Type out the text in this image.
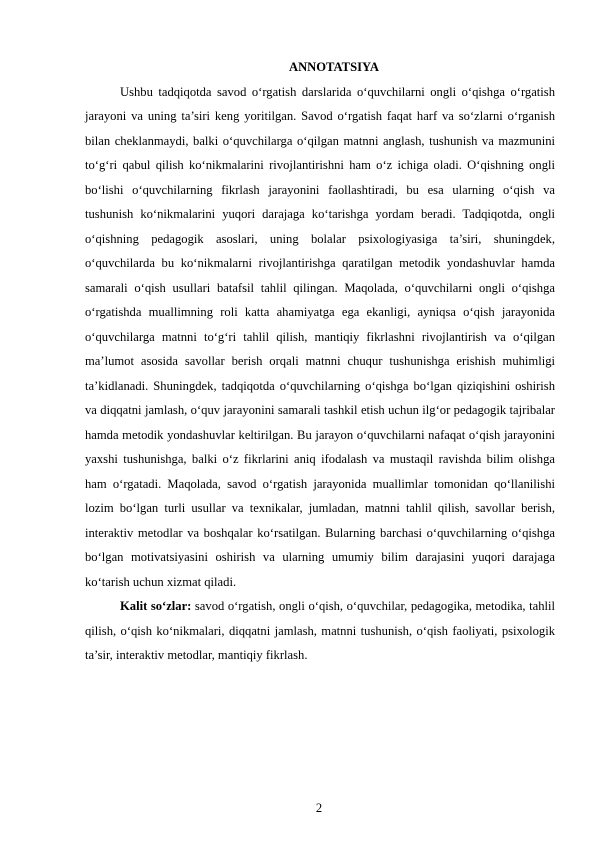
ANNOTATSIYA

Ushbu tadqiqotda savod o‘rgatish darslarida o‘quvchilarni ongli o‘qishga o‘rgatish jarayoni va uning ta’siri keng yoritilgan. Savod o‘rgatish faqat harf va so‘zlarni o‘rganish bilan cheklanmaydi, balki o‘quvchilarga o‘qilgan matnni anglash, tushunish va mazmunini to‘g‘ri qabul qilish ko‘nikmalarini rivojlantirishni ham o‘z ichiga oladi. O‘qishning ongli bo‘lishi o‘quvchilarning fikrlash jarayonini faollashtiradi, bu esa ularning o‘qish va tushunish ko‘nikmalarini yuqori darajaga ko‘tarishga yordam beradi. Tadqiqotda, ongli o‘qishning pedagogik asoslari, uning bolalar psixologiyasiga ta’siri, shuningdek, o‘quvchilarda bu ko‘nikmalarni rivojlantirishga qaratilgan metodik yondashuvlar hamda samarali o‘qish usullari batafsil tahlil qilingan. Maqolada, o‘quvchilarni ongli o‘qishga o‘rgatishda muallimning roli katta ahamiyatga ega ekanligi, ayniqsa o‘qish jarayonida o‘quvchilarga matnni to‘g‘ri tahlil qilish, mantiqiy fikrlashni rivojlantirish va o‘qilgan ma’lumot asosida savollar berish orqali matnni chuqur tushunishga erishish muhimligi ta’kidlanadi. Shuningdek, tadqiqotda o‘quvchilarning o‘qishga bo‘lgan qiziqishini oshirish va diqqatni jamlash, o‘quv jarayonini samarali tashkil etish uchun ilg‘or pedagogik tajribalar hamda metodik yondashuvlar keltirilgan. Bu jarayon o‘quvchilarni nafaqat o‘qish jarayonini yaxshi tushunishga, balki o‘z fikrlarini aniq ifodalash va mustaqil ravishda bilim olishga ham o‘rgatadi. Maqolada, savod o‘rgatish jarayonida muallimlar tomonidan qo‘llanilishi lozim bo‘lgan turli usullar va texnikalar, jumladan, matnni tahlil qilish, savollar berish, interaktiv metodlar va boshqalar ko‘rsatilgan. Bularning barchasi o‘quvchilarning o‘qishga bo‘lgan motivatsiyasini oshirish va ularning umumiy bilim darajasini yuqori darajaga ko‘tarish uchun xizmat qiladi.

Kalit so‘zlar: savod o‘rgatish, ongli o‘qish, o‘quvchilar, pedagogika, metodika, tahlil qilish, o‘qish ko‘nikmalari, diqqatni jamlash, matnni tushunish, o‘qish faoliyati, psixologik ta’sir, interaktiv metodlar, mantiqiy fikrlash.

2
